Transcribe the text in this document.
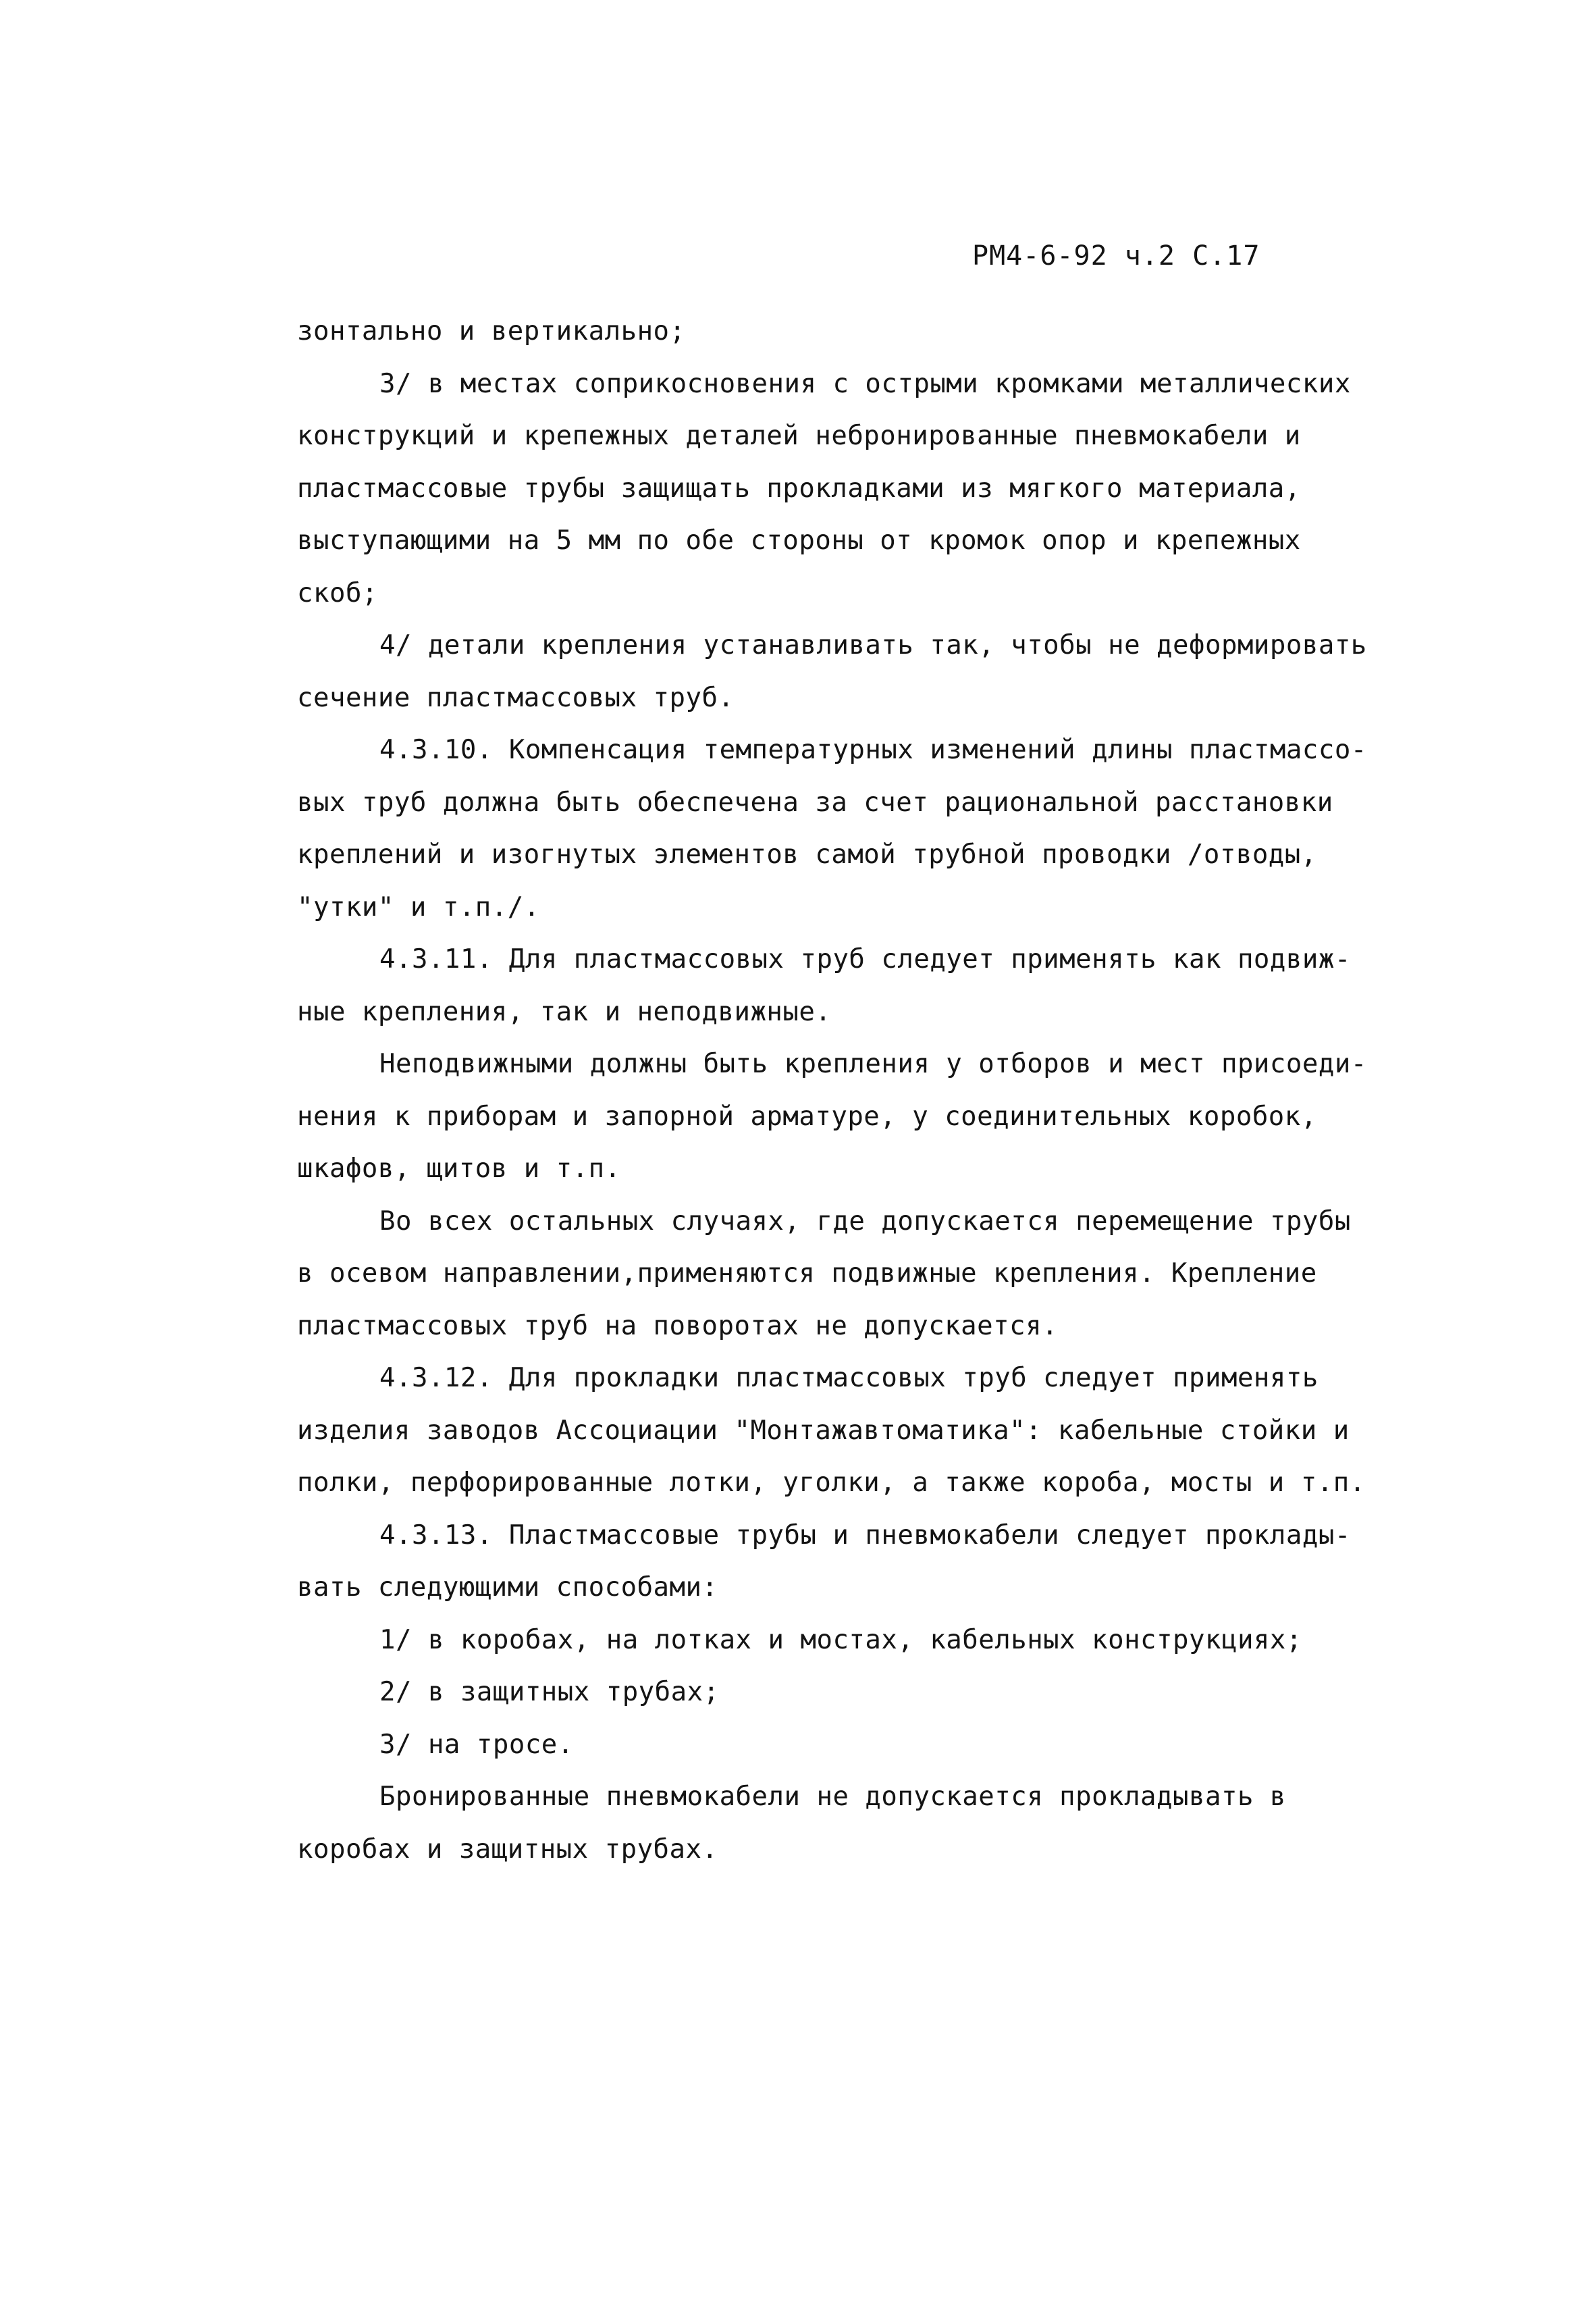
РМ4-6-92 ч.2 С.17
зонтально и вертикально;
3/ в местах соприкосновения с острыми кромками металлических
конструкций и крепежных деталей небронированные пневмокабели и
пластмассовые трубы защищать прокладками из мягкого материала,
выступающими на 5 мм по обе стороны от кромок опор и крепежных
скоб;
4/ детали крепления устанавливать так, чтобы не деформировать
сечение пластмассовых труб.
4.3.10. Компенсация температурных изменений длины пластмассо-
вых труб должна быть обеспечена за счет рациональной расстановки
креплений и изогнутых элементов самой трубной проводки /отводы,
"утки" и т.п./.
4.3.11. Для пластмассовых труб следует применять как подвиж-
ные крепления, так и неподвижные.
Неподвижными должны быть крепления у отборов и мест присоеди-
нения к приборам и запорной арматуре, у соединительных коробок,
шкафов, щитов и т.п.
Во всех остальных случаях, где допускается перемещение трубы
в осевом направлении,применяются подвижные крепления. Крепление
пластмассовых труб на поворотах не допускается.
4.3.12. Для прокладки пластмассовых труб следует применять
изделия заводов Ассоциации "Монтажавтоматика": кабельные стойки и
полки, перфорированные лотки, уголки, а также короба, мосты и т.п.
4.3.13. Пластмассовые трубы и пневмокабели следует проклады-
вать следующими способами:
1/ в коробах, на лотках и мостах, кабельных конструкциях;
2/ в защитных трубах;
3/ на тросе.
Бронированные пневмокабели не допускается прокладывать в
коробах и защитных трубах.
